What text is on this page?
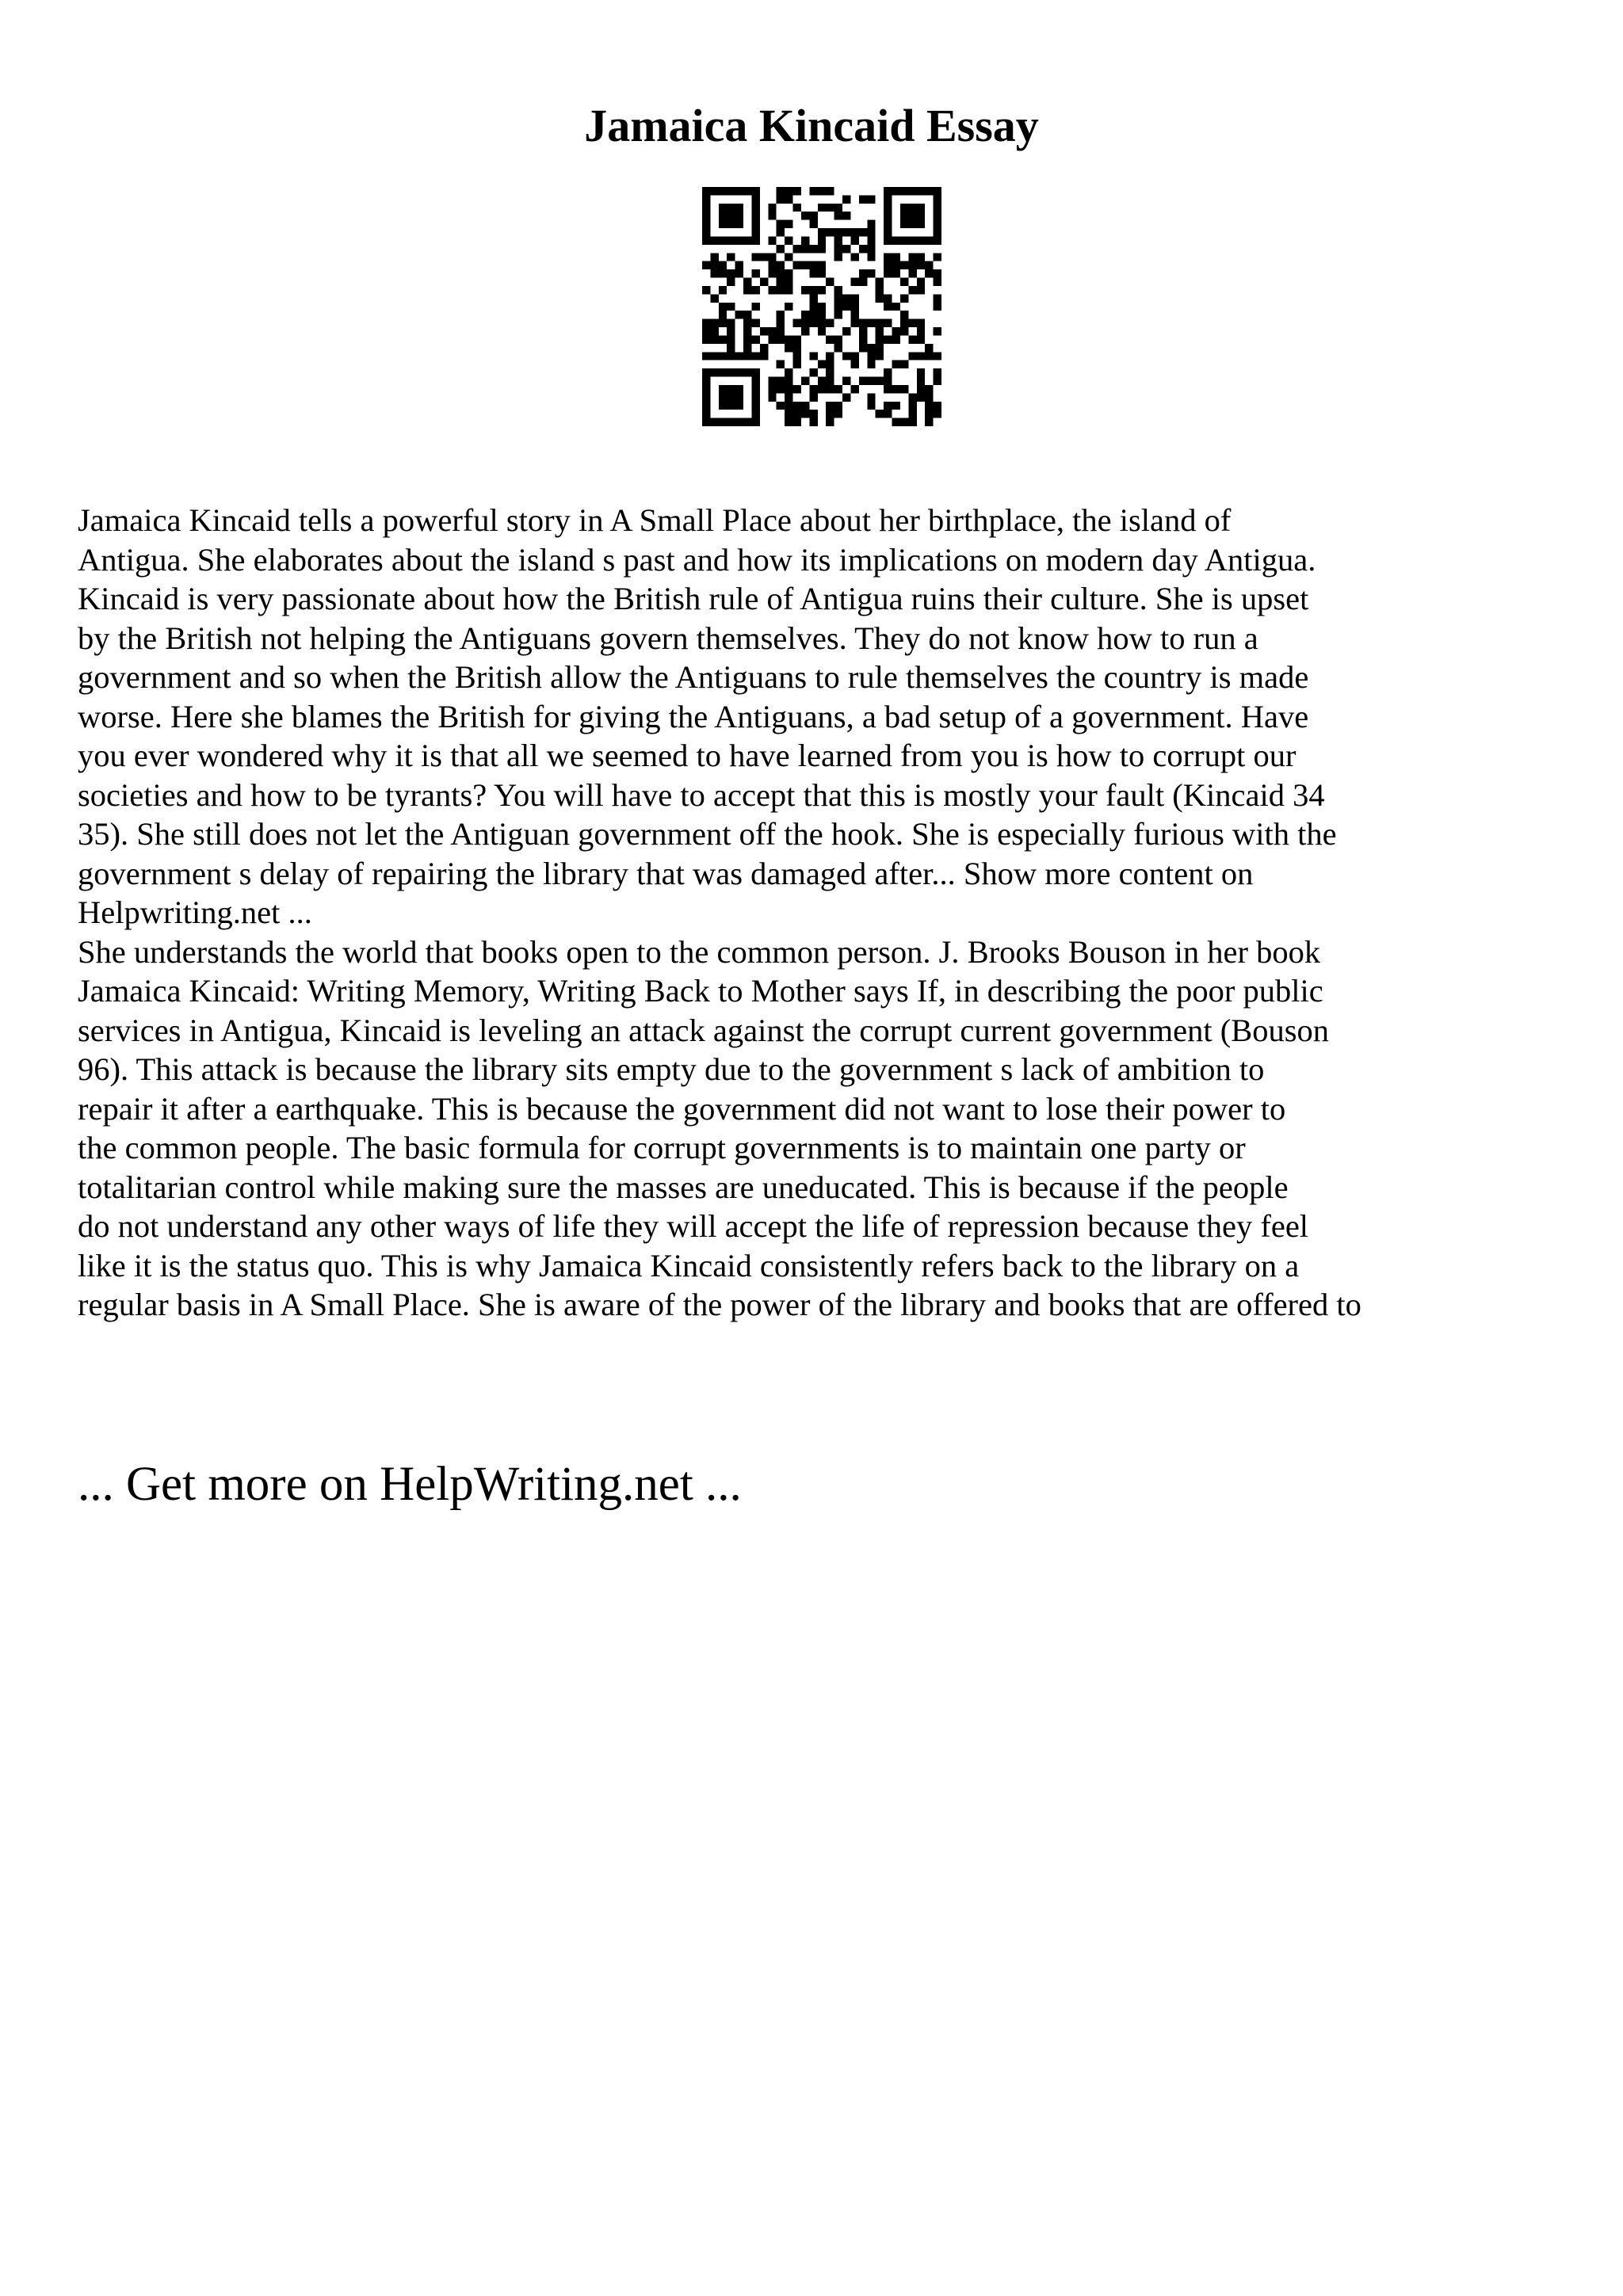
Jamaica Kincaid Essay
Jamaica Kincaid tells a powerful story in A Small Place about her birthplace, the island of
Antigua. She elaborates about the island s past and how its implications on modern day Antigua.
Kincaid is very passionate about how the British rule of Antigua ruins their culture. She is upset
by the British not helping the Antiguans govern themselves. They do not know how to run a
government and so when the British allow the Antiguans to rule themselves the country is made
worse. Here she blames the British for giving the Antiguans, a bad setup of a government. Have
you ever wondered why it is that all we seemed to have learned from you is how to corrupt our
societies and how to be tyrants? You will have to accept that this is mostly your fault (Kincaid 34
35). She still does not let the Antiguan government off the hook. She is especially furious with the
government s delay of repairing the library that was damaged after... Show more content on
Helpwriting.net ...
She understands the world that books open to the common person. J. Brooks Bouson in her book
Jamaica Kincaid: Writing Memory, Writing Back to Mother says If, in describing the poor public
services in Antigua, Kincaid is leveling an attack against the corrupt current government (Bouson
96). This attack is because the library sits empty due to the government s lack of ambition to
repair it after a earthquake. This is because the government did not want to lose their power to
the common people. The basic formula for corrupt governments is to maintain one party or
totalitarian control while making sure the masses are uneducated. This is because if the people
do not understand any other ways of life they will accept the life of repression because they feel
like it is the status quo. This is why Jamaica Kincaid consistently refers back to the library on a
regular basis in A Small Place. She is aware of the power of the library and books that are offered to
... Get more on HelpWriting.net ...
